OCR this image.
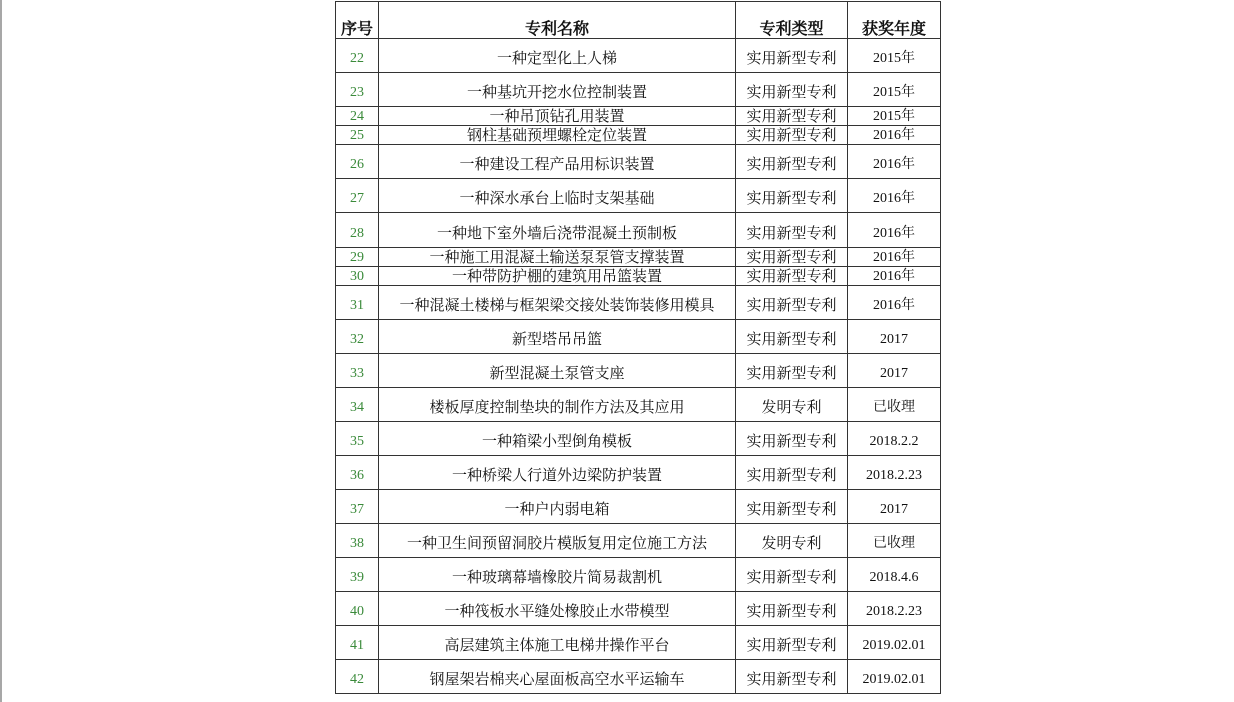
序号	专利名称	专利类型	获奖年度
22	一种定型化上人梯	实用新型专利	2015年
23	一种基坑开挖水位控制装置	实用新型专利	2015年
24	一种吊顶钻孔用装置	实用新型专利	2015年
25	钢柱基础预埋螺栓定位装置	实用新型专利	2016年
26	一种建设工程产品用标识装置	实用新型专利	2016年
27	一种深水承台上临时支架基础	实用新型专利	2016年
28	一种地下室外墙后浇带混凝土预制板	实用新型专利	2016年
29	一种施工用混凝土输送泵泵管支撑装置	实用新型专利	2016年
30	一种带防护棚的建筑用吊篮装置	实用新型专利	2016年
31	一种混凝土楼梯与框架梁交接处装饰装修用模具	实用新型专利	2016年
32	新型塔吊吊篮	实用新型专利	2017
33	新型混凝土泵管支座	实用新型专利	2017
34	楼板厚度控制垫块的制作方法及其应用	发明专利	已收理
35	一种箱梁小型倒角模板	实用新型专利	2018.2.2
36	一种桥梁人行道外边梁防护装置	实用新型专利	2018.2.23
37	一种户内弱电箱	实用新型专利	2017
38	一种卫生间预留洞胶片模版复用定位施工方法	发明专利	已收理
39	一种玻璃幕墙橡胶片简易裁割机	实用新型专利	2018.4.6
40	一种筏板水平缝处橡胶止水带模型	实用新型专利	2018.2.23
41	高层建筑主体施工电梯井操作平台	实用新型专利	2019.02.01
42	钢屋架岩棉夹心屋面板高空水平运输车	实用新型专利	2019.02.01
